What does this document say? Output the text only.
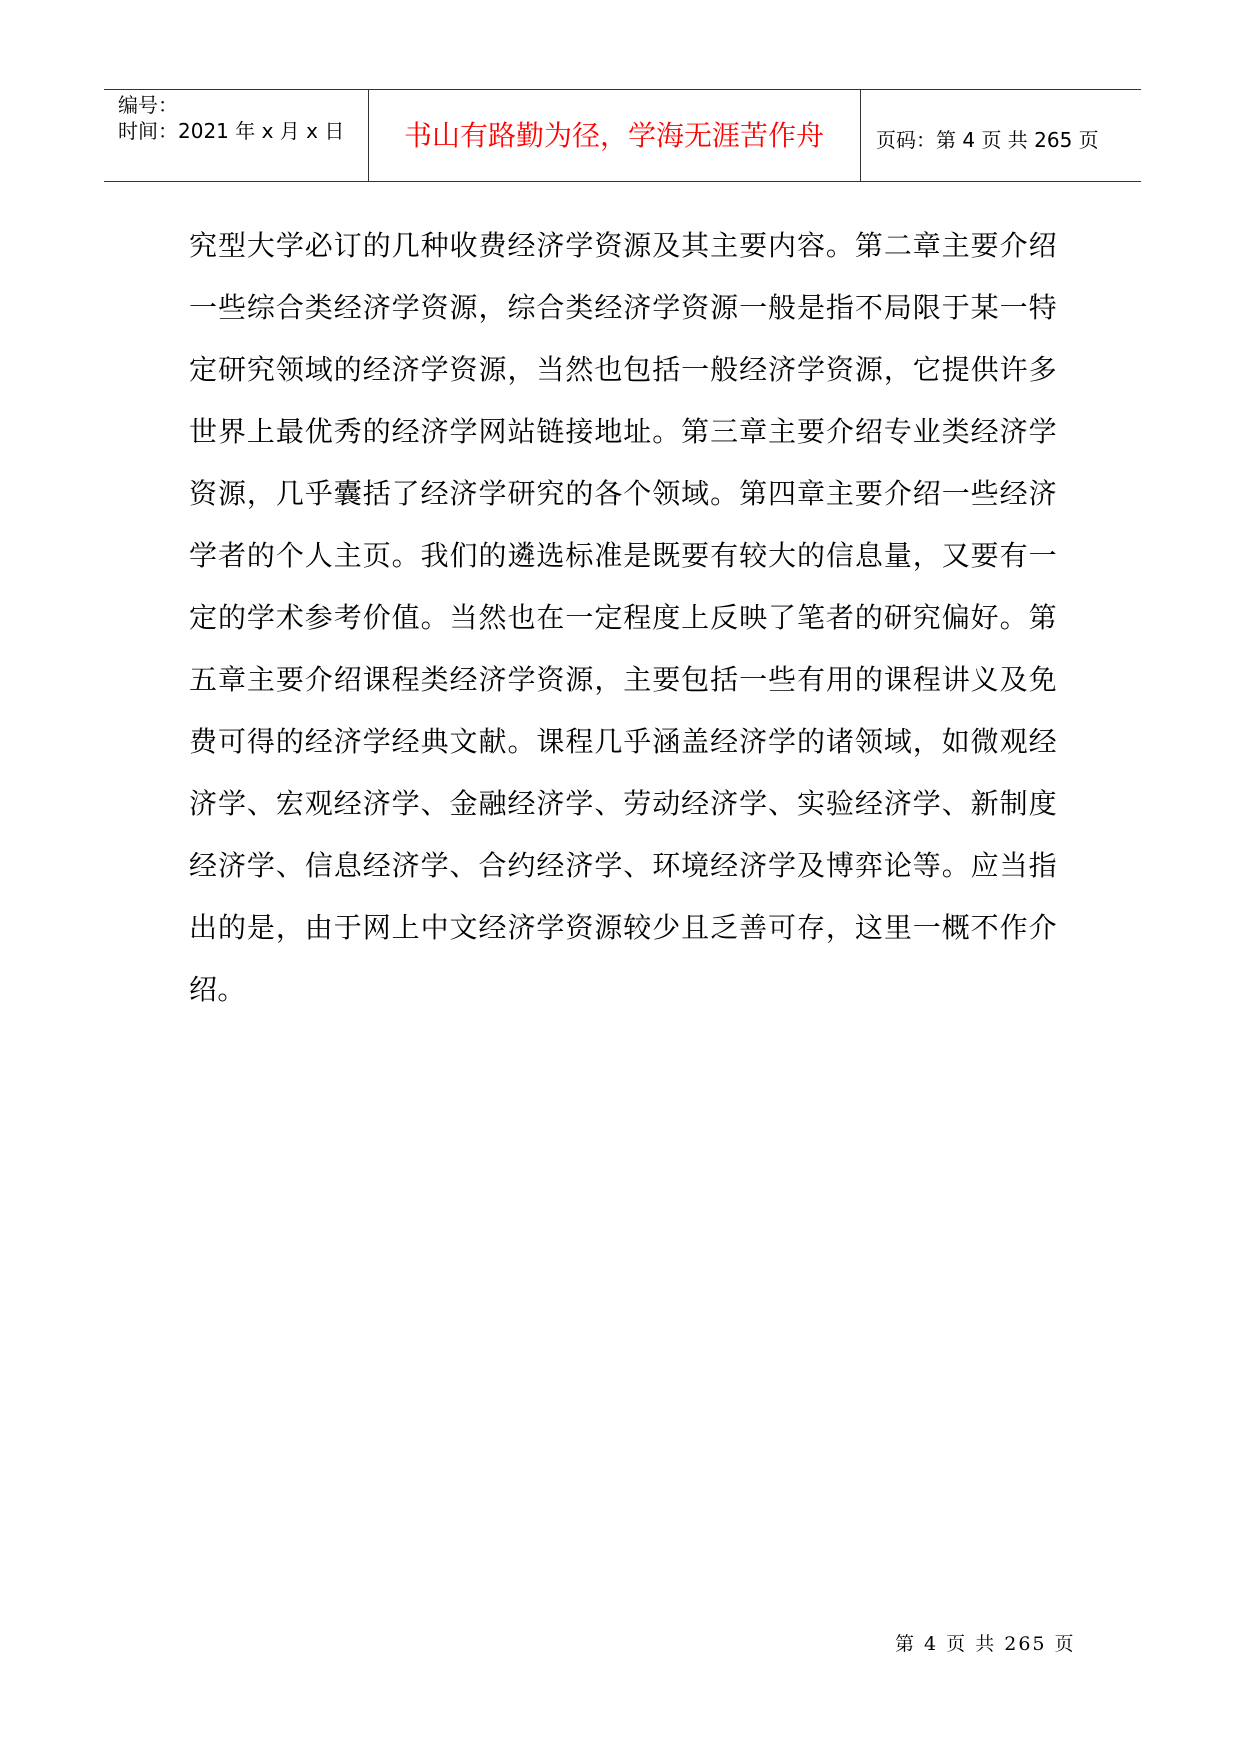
编号：
时间：2021 年 x 月 x 日	书山有路勤为径，学海无涯苦作舟	页码：第 4 页 共 265 页
究型大学必订的几种收费经济学资源及其主要内容。第二章主要介绍一些综合类经济学资源，综合类经济学资源一般是指不局限于某一特定研究领域的经济学资源，当然也包括一般经济学资源，它提供许多世界上最优秀的经济学网站链接地址。第三章主要介绍专业类经济学资源，几乎囊括了经济学研究的各个领域。第四章主要介绍一些经济学者的个人主页。我们的遴选标准是既要有较大的信息量，又要有一定的学术参考价值。当然也在一定程度上反映了笔者的研究偏好。第五章主要介绍课程类经济学资源，主要包括一些有用的课程讲义及免费可得的经济学经典文献。课程几乎涵盖经济学的诸领域，如微观经济学、宏观经济学、金融经济学、劳动经济学、实验经济学、新制度经济学、信息经济学、合约经济学、环境经济学及博弈论等。应当指出的是，由于网上中文经济学资源较少且乏善可存，这里一概不作介绍。
第 4 页 共 265 页
